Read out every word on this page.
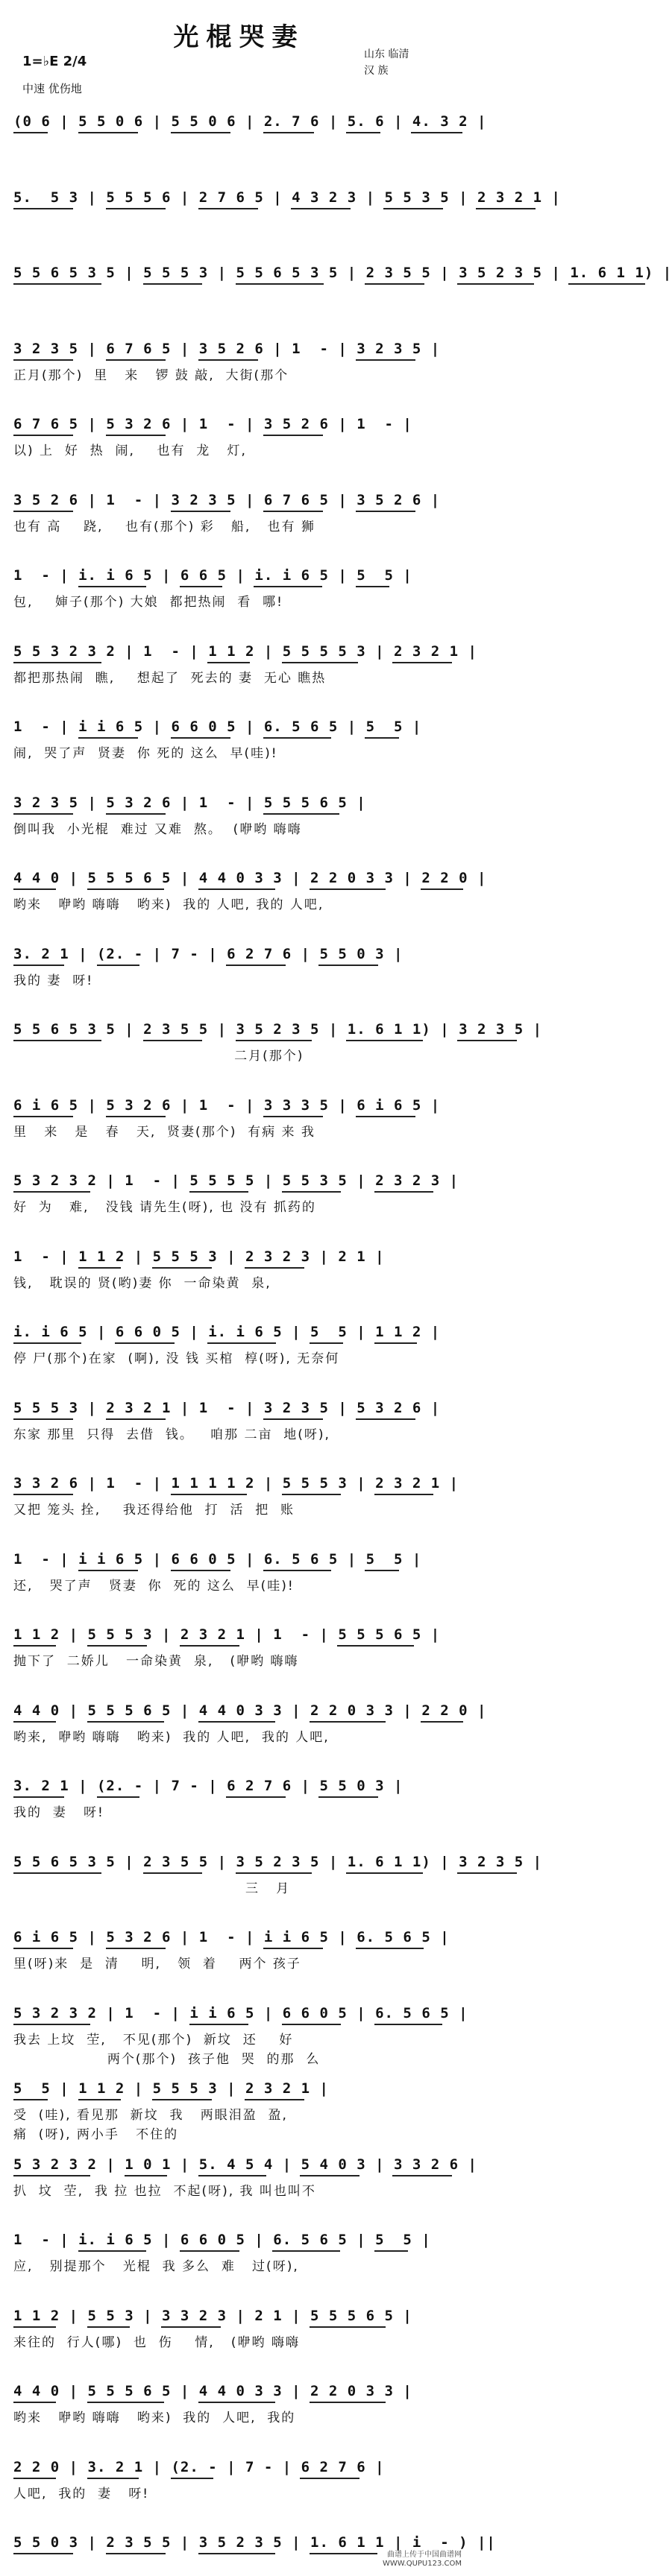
光棍哭妻
山东 临清
汉 族
1=♭E 2/4
中速 优伤地
(0 6 | 5 5 0 6 | 5 5 0 6 | 2. 7 6 | 5. 6 | 4. 3 2 |
5.  5 3 | 5 5 5 6 | 2 7 6 5 | 4 3 2 3 | 5 5 3 5 | 2 3 2 1 |
5 5 6 5 3 5 | 5 5 5 3 | 5 5 6 5 3 5 | 2 3 5 5 | 3 5 2 3 5 | 1. 6 1 1) |
3 2 3 5 | 6 7 6 5 | 3 5 2 6 | 1  - | 3 2 3 5 |
正月(那个)  里   来   锣 鼓 敲,  大街(那个
6 7 6 5 | 5 3 2 6 | 1  - | 3 5 2 6 | 1  - |
以) 上  好  热  闹,    也有  龙   灯,
3 5 2 6 | 1  - | 3 2 3 5 | 6 7 6 5 | 3 5 2 6 |
也有 高    跷,    也有(那个) 彩   船,   也有 狮
1  - | i. i 6 5 | 6 6 5 | i. i 6 5 | 5  5 |
包,    婶子(那个) 大娘  都把热闹  看  哪!
5 5 3 2 3 2 | 1  - | 1 1 2 | 5 5 5 5 3 | 2 3 2 1 |
都把那热闹  瞧,    想起了  死去的 妻  无心 瞧热
1  - | i i 6 5 | 6 6 0 5 | 6. 5 6 5 | 5  5 |
闹,  哭了声  贤妻  你 死的 这么  早(哇)!
3 2 3 5 | 5 3 2 6 | 1  - | 5 5 5 6 5 |
倒叫我  小光棍  难过 又难  熬。  (咿哟 嗨嗨
4 4 0 | 5 5 5 6 5 | 4 4 0 3 3 | 2 2 0 3 3 | 2 2 0 |
哟来   咿哟 嗨嗨   哟来)  我的 人吧, 我的 人吧,
3. 2 1 | (2. - | 7 - | 6 2 7 6 | 5 5 0 3 |
我的 妻  呀!
5 5 6 5 3 5 | 2 3 5 5 | 3 5 2 3 5 | 1. 6 1 1) | 3 2 3 5 |
二月(那个)
6 i 6 5 | 5 3 2 6 | 1  - | 3 3 3 5 | 6 i 6 5 |
里   来   是   春   天,  贤妻(那个)  有病 来 我
5 3 2 3 2 | 1  - | 5 5 5 5 | 5 5 3 5 | 2 3 2 3 |
好  为   难,   没钱 请先生(呀), 也 没有 抓药的
1  - | 1 1 2 | 5 5 5 3 | 2 3 2 3 | 2 1 |
钱,   耽误的 贤(哟)妻 你  一命染黄  泉,
i. i 6 5 | 6 6 0 5 | i. i 6 5 | 5  5 | 1 1 2 |
停 尸(那个)在家  (啊), 没 钱 买棺  椁(呀), 无奈何
5 5 5 3 | 2 3 2 1 | 1  - | 3 2 3 5 | 5 3 2 6 |
东家 那里  只得  去借  钱。   咱那 二亩  地(呀),
3 3 2 6 | 1  - | 1 1 1 1 2 | 5 5 5 3 | 2 3 2 1 |
又把 笼头 拴,    我还得给他  打  活  把  账
1  - | i i 6 5 | 6 6 0 5 | 6. 5 6 5 | 5  5 |
还,   哭了声   贤妻  你  死的 这么  早(哇)!
1 1 2 | 5 5 5 3 | 2 3 2 1 | 1  - | 5 5 5 6 5 |
抛下了  二娇儿   一命染黄  泉,   (咿哟 嗨嗨
4 4 0 | 5 5 5 6 5 | 4 4 0 3 3 | 2 2 0 3 3 | 2 2 0 |
哟来,  咿哟 嗨嗨   哟来)  我的 人吧,  我的 人吧,
3. 2 1 | (2. - | 7 - | 6 2 7 6 | 5 5 0 3 |
我的  妻   呀!
5 5 6 5 3 5 | 2 3 5 5 | 3 5 2 3 5 | 1. 6 1 1) | 3 2 3 5 |
三   月
6 i 6 5 | 5 3 2 6 | 1  - | i i 6 5 | 6. 5 6 5 |
里(呀)来  是  清    明,   领  着    两个 孩子
5 3 2 3 2 | 1  - | i i 6 5 | 6 6 0 5 | 6. 5 6 5 |
我去 上坟  茔,   不见(那个)  新坟  还    好
两个(那个)  孩子他  哭  的那  么
5  5 | 1 1 2 | 5 5 5 3 | 2 3 2 1 |
受  (哇), 看见那  新坟  我   两眼泪盈  盈,
痛  (呀), 两小手   不住的
5 3 2 3 2 | 1 0 1 | 5. 4 5 4 | 5 4 0 3 | 3 3 2 6 |
扒  坟  茔,  我 拉 也拉  不起(呀), 我 叫也叫不
1  - | i. i 6 5 | 6 6 0 5 | 6. 5 6 5 | 5  5 |
应,   别提那个   光棍  我 多么  难   过(呀),
1 1 2 | 5 5 3 | 3 3 2 3 | 2 1 | 5 5 5 6 5 |
来往的  行人(哪)  也  伤    情,   (咿哟 嗨嗨
4 4 0 | 5 5 5 6 5 | 4 4 0 3 3 | 2 2 0 3 3 |
哟来   咿哟 嗨嗨   哟来)  我的  人吧,  我的
2 2 0 | 3. 2 1 | (2. - | 7 - | 6 2 7 6 |
人吧,  我的  妻   呀!
5 5 0 3 | 2 3 5 5 | 3 5 2 3 5 | 1. 6 1 1 | i  - ) ||
曲谱上传于中国曲谱网
WWW.QUPU123.COM
